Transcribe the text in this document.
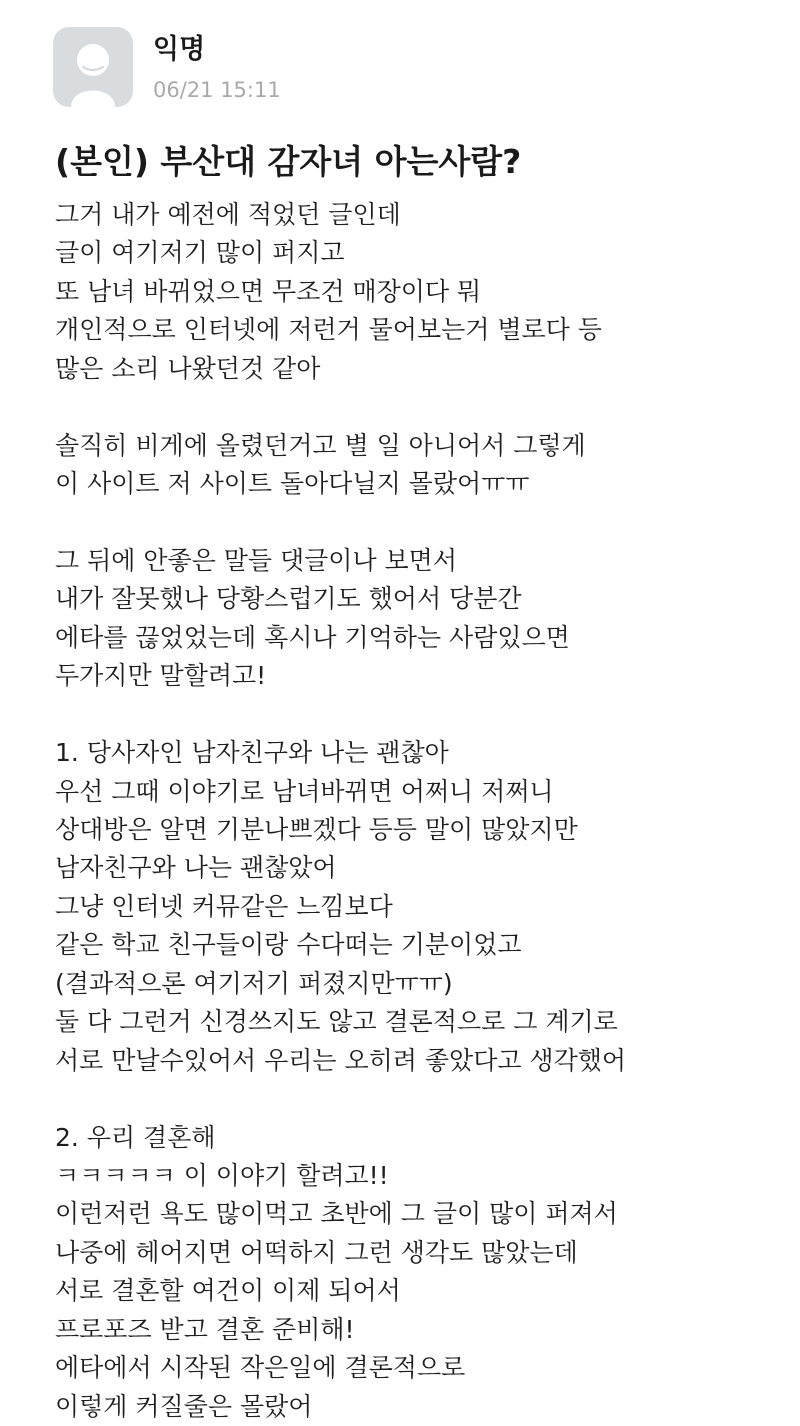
익명
06/21 15:11
(본인) 부산대 감자녀 아는사람?
그거 내가 예전에 적었던 글인데
글이 여기저기 많이 퍼지고
또 남녀 바뀌었으면 무조건 매장이다 뭐
개인적으로 인터넷에 저런거 물어보는거 별로다 등
많은 소리 나왔던것 같아
솔직히 비게에 올렸던거고 별 일 아니어서 그렇게
이 사이트 저 사이트 돌아다닐지 몰랐어ㅠㅠ
그 뒤에 안좋은 말들 댓글이나 보면서
내가 잘못했나 당황스럽기도 했어서 당분간
에타를 끊었었는데 혹시나 기억하는 사람있으면
두가지만 말할려고!
1. 당사자인 남자친구와 나는 괜찮아
우선 그때 이야기로 남녀바뀌면 어쩌니 저쩌니
상대방은 알면 기분나쁘겠다 등등 말이 많았지만
남자친구와 나는 괜찮았어
그냥 인터넷 커뮤같은 느낌보다
같은 학교 친구들이랑 수다떠는 기분이었고
(결과적으론 여기저기 퍼졌지만ㅠㅠ)
둘 다 그런거 신경쓰지도 않고 결론적으로 그 계기로
서로 만날수있어서 우리는 오히려 좋았다고 생각했어
2. 우리 결혼해
ㅋㅋㅋㅋㅋ 이 이야기 할려고!!
이런저런 욕도 많이먹고 초반에 그 글이 많이 퍼져서
나중에 헤어지면 어떡하지 그런 생각도 많았는데
서로 결혼할 여건이 이제 되어서
프로포즈 받고 결혼 준비해!
에타에서 시작된 작은일에 결론적으로
이렇게 커질줄은 몰랐어
